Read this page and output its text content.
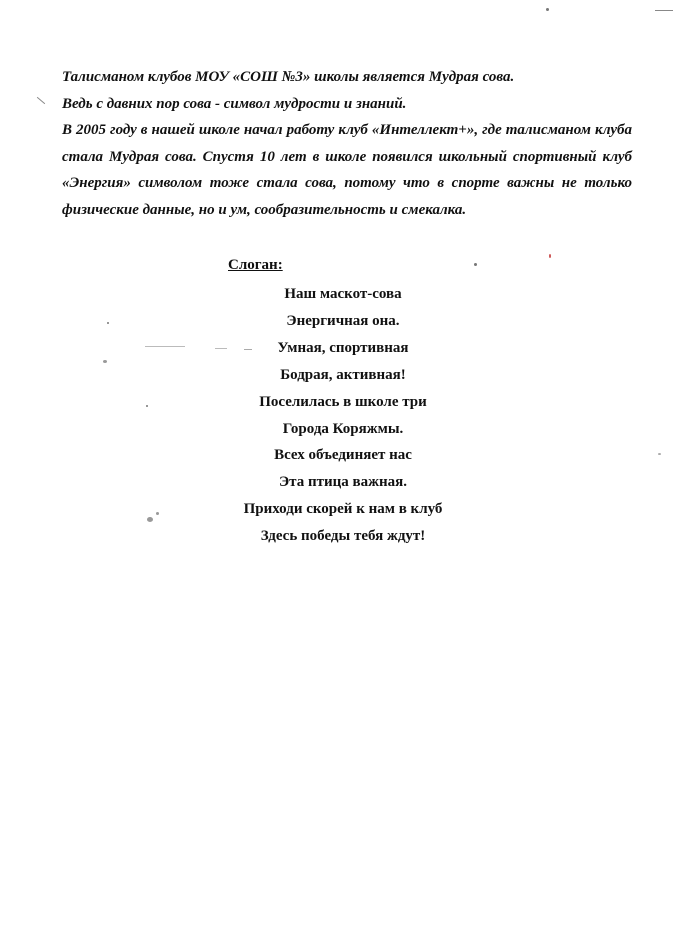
Талисманом клубов МОУ «СОШ №3» школы является Мудрая сова.

Ведь с давних пор сова - символ мудрости и знаний.

В 2005 году в нашей школе начал работу клуб «Интеллект+», где талисманом клуба стала Мудрая сова. Спустя 10 лет в школе появился школьный спортивный клуб «Энергия» символом тоже стала сова, потому что в спорте важны не только физические данные, но и ум, сообразительность и смекалка.

Слоган:
Наш маскот-сова
Энергичная она.
Умная, спортивная
Бодрая, активная!
Поселилась в школе три
Города Коряжмы.
Всех объединяет нас
Эта птица важная.
Приходи скорей к нам в клуб
Здесь победы тебя ждут!
